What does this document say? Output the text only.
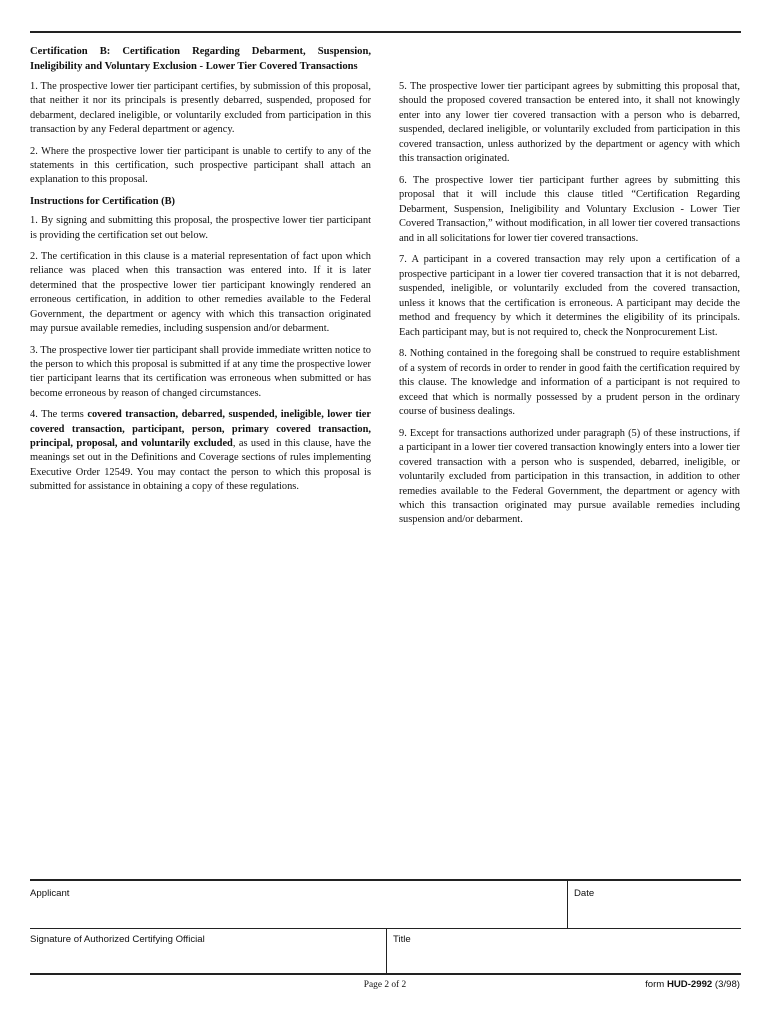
Certification B: Certification Regarding Debarment, Suspension, Ineligibility and Voluntary Exclusion - Lower Tier Covered Transactions

1. The prospective lower tier participant certifies, by submission of this proposal, that neither it nor its principals is presently debarred, suspended, proposed for debarment, declared ineligible, or voluntarily excluded from participation in this transaction by any Federal department or agency.

2. Where the prospective lower tier participant is unable to certify to any of the statements in this certification, such prospective participant shall attach an explanation to this proposal.

Instructions for Certification (B)

1. By signing and submitting this proposal, the prospective lower tier participant is providing the certification set out below.

2. The certification in this clause is a material representation of fact upon which reliance was placed when this transaction was entered into. If it is later determined that the prospective lower tier participant knowingly rendered an erroneous certification, in addition to other remedies available to the Federal Government, the department or agency with which this transaction originated may pursue available remedies, including suspension and/or debarment.

3. The prospective lower tier participant shall provide immediate written notice to the person to which this proposal is submitted if at any time the prospective lower tier participant learns that its certification was erroneous when submitted or has become erroneous by reason of changed circumstances.

4. The terms covered transaction, debarred, suspended, ineligible, lower tier covered transaction, participant, person, primary covered transaction, principal, proposal, and voluntarily excluded, as used in this clause, have the meanings set out in the Definitions and Coverage sections of rules implementing Executive Order 12549. You may contact the person to which this proposal is submitted for assistance in obtaining a copy of these regulations.

5. The prospective lower tier participant agrees by submitting this proposal that, should the proposed covered transaction be entered into, it shall not knowingly enter into any lower tier covered transaction with a person who is debarred, suspended, declared ineligible, or voluntarily excluded from participation in this covered transaction, unless authorized by the department or agency with which this transaction originated.

6. The prospective lower tier participant further agrees by submitting this proposal that it will include this clause titled “Certification Regarding Debarment, Suspension, Ineligibility and Voluntary Exclusion - Lower Tier Covered Transaction,” without modification, in all lower tier covered transactions and in all solicitations for lower tier covered transactions.

7. A participant in a covered transaction may rely upon a certification of a prospective participant in a lower tier covered transaction that it is not debarred, suspended, ineligible, or voluntarily excluded from the covered transaction, unless it knows that the certification is erroneous. A participant may decide the method and frequency by which it determines the eligibility of its principals. Each participant may, but is not required to, check the Nonprocurement List.

8. Nothing contained in the foregoing shall be construed to require establishment of a system of records in order to render in good faith the certification required by this clause. The knowledge and information of a participant is not required to exceed that which is normally possessed by a prudent person in the ordinary course of business dealings.

9. Except for transactions authorized under paragraph (5) of these instructions, if a participant in a lower tier covered transaction knowingly enters into a lower tier covered transaction with a person who is suspended, debarred, ineligible, or voluntarily excluded from participation in this transaction, in addition to other remedies available to the Federal Government, the department or agency with which this transaction originated may pursue available remedies including suspension and/or debarment.

Applicant	Date
Signature of Authorized Certifying Official	Title
Page 2 of 2	form HUD-2992 (3/98)
